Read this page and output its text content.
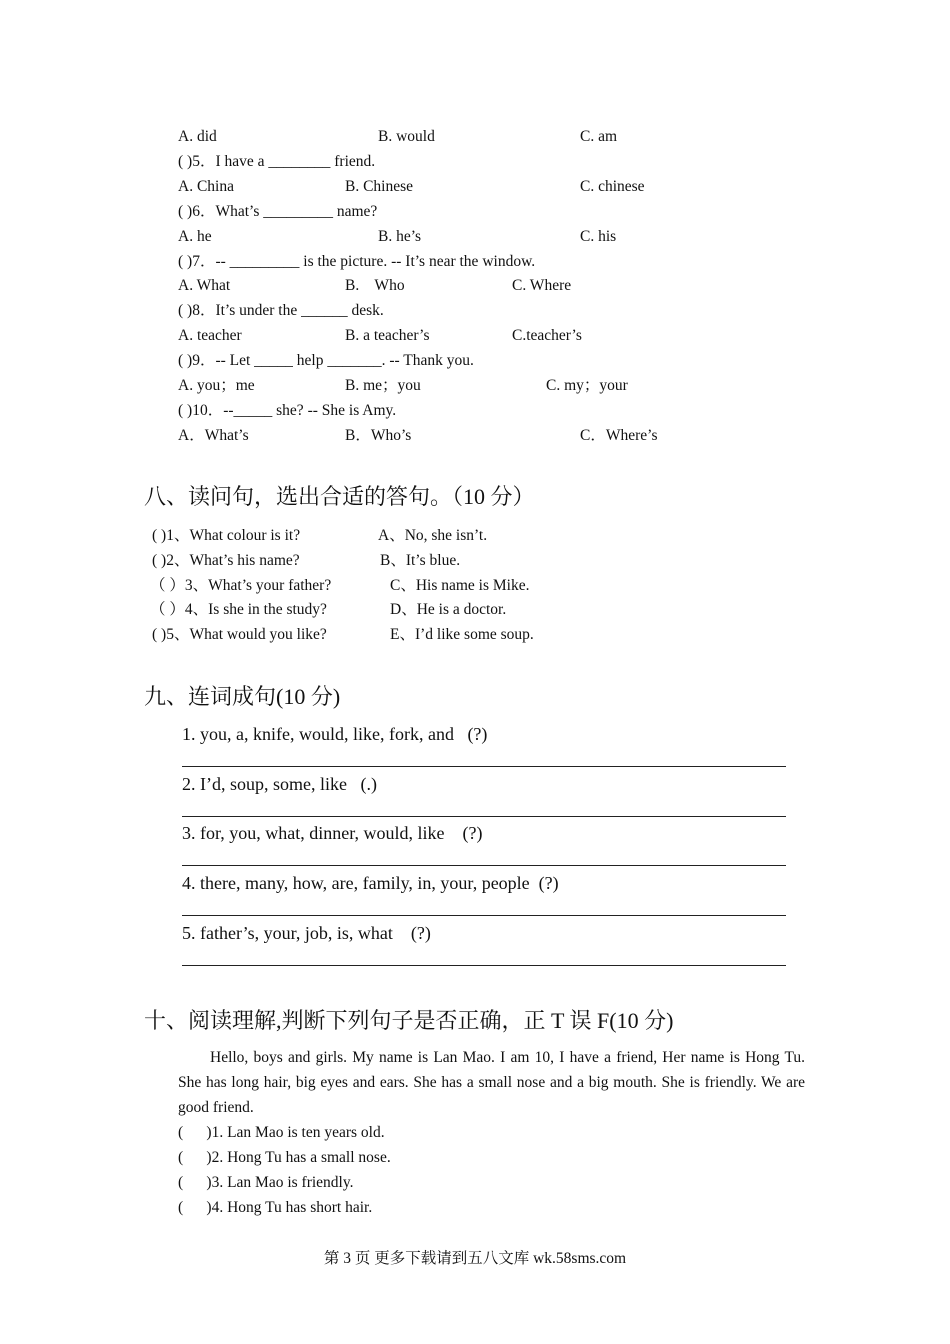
A. did	B. would	C. am
( )5．I have a ________ friend.
A. China	B. Chinese	C. chinese
( )6．What’s _________ name?
A. he	B. he’s	C. his
( )7．-- _________ is the picture. -- It’s near the window.
A. What	B.    Who	C. Where
( )8．It’s under the ______ desk.
A. teacher	B. a teacher’s	C.teacher’s
( )9．-- Let _____ help _______. -- Thank you.
A. you；me	B. me；you	C. my；your
( )10．--_____ she? -- She is Amy.
A．What’s	B．Who’s	C．Where’s
八、读问句，选出合适的答句。（10 分）
( )1、What colour is it?	A、No, she isn’t.
( )2、What’s his name?	B、It’s blue.
（ ）3、What’s your father?	C、His name is Mike.
（ ）4、Is she in the study?	D、He is a doctor.
( )5、What would you like?	E、I’d like some soup.
九、连词成句(10 分)
1. you, a, knife, would, like, fork, and   (?)
2. I’d, soup, some, like   (.)
3. for, you, what, dinner, would, like    (?)
4. there, many, how, are, family, in, your, people  (?)
5. father’s, your, job, is, what    (?)
十、阅读理解,判断下列句子是否正确，正 T 误 F(10 分)
Hello, boys and girls. My name is Lan Mao. I am 10, I have a friend, Her name is Hong Tu. She has long hair, big eyes and ears. She has a small nose and a big mouth. She is friendly. We are good friend.
(      )1. Lan Mao is ten years old.
(      )2. Hong Tu has a small nose.
(      )3. Lan Mao is friendly.
(      )4. Hong Tu has short hair.
第 3 页 更多下载请到五八文库 wk.58sms.com
